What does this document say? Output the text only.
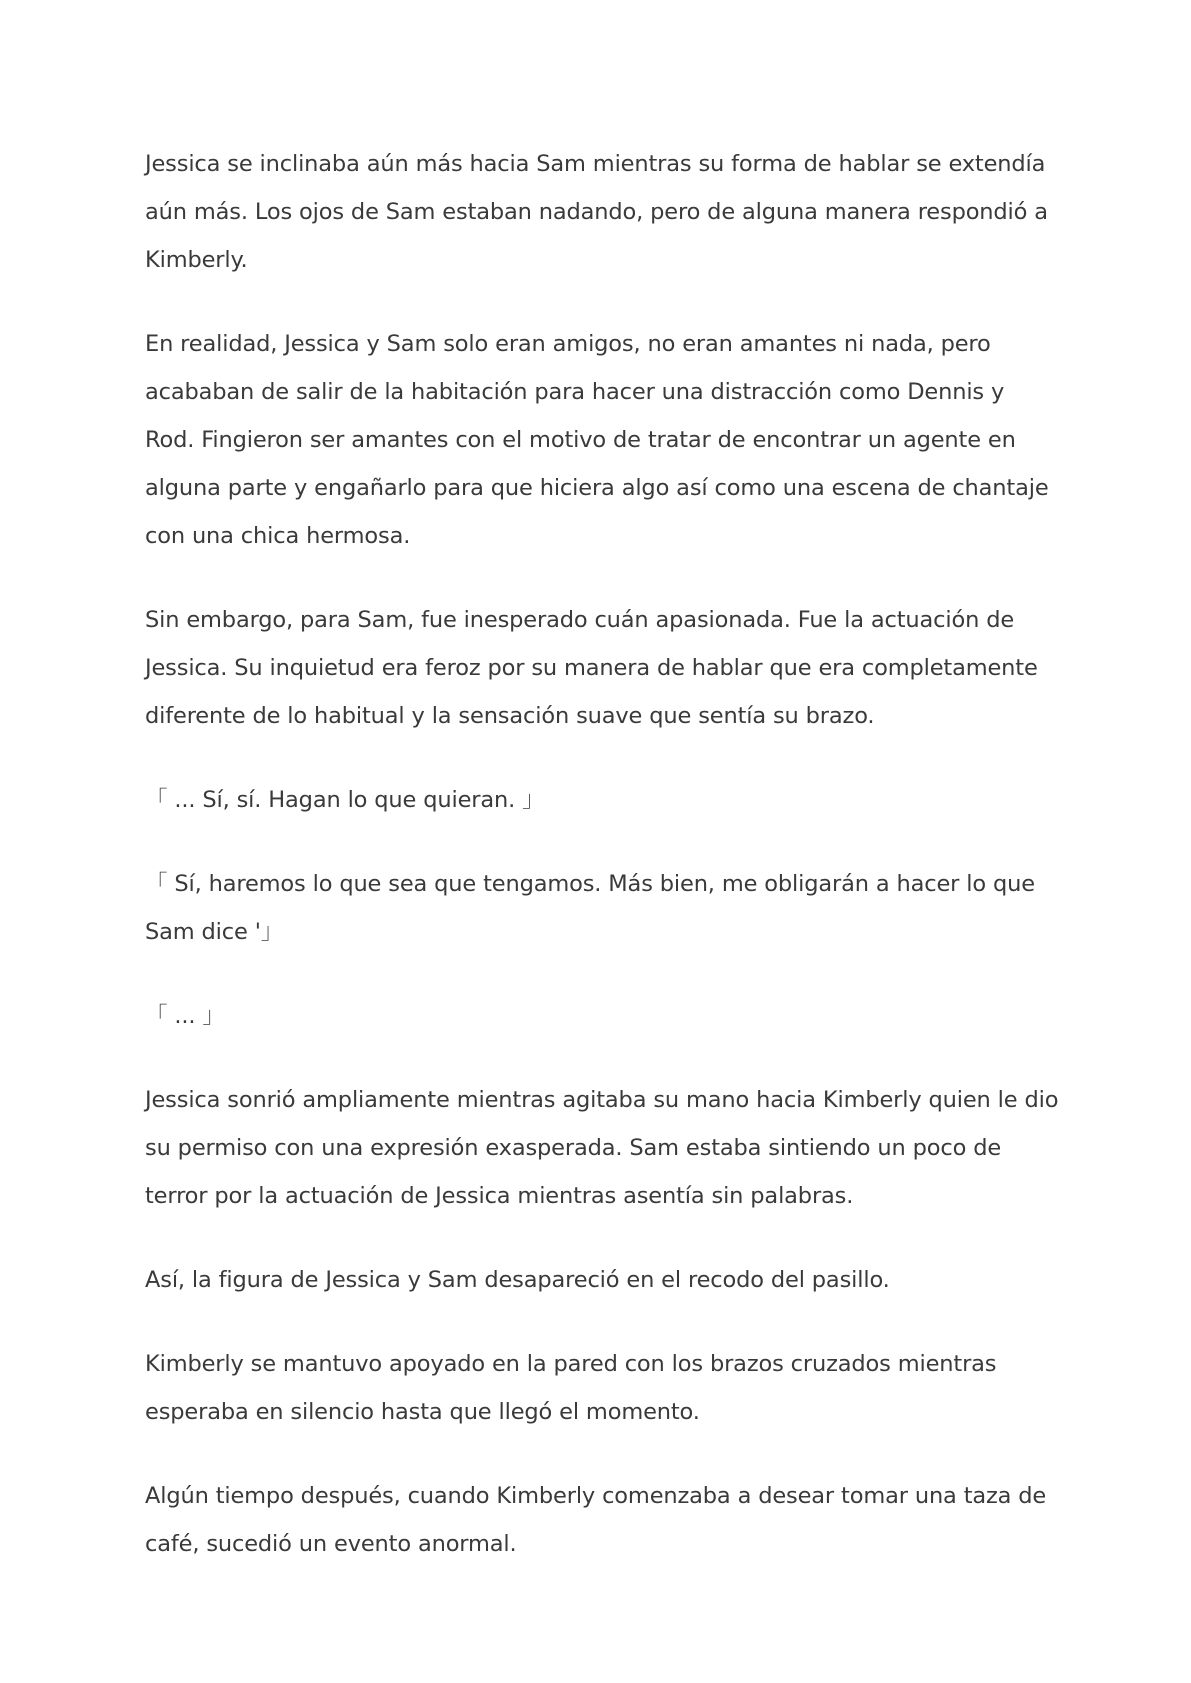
Jessica se inclinaba aún más hacia Sam mientras su forma de hablar se extendía aún más. Los ojos de Sam estaban nadando, pero de alguna manera respondió a Kimberly.

En realidad, Jessica y Sam solo eran amigos, no eran amantes ni nada, pero acababan de salir de la habitación para hacer una distracción como Dennis y Rod. Fingieron ser amantes con el motivo de tratar de encontrar un agente en alguna parte y engañarlo para que hiciera algo así como una escena de chantaje con una chica hermosa.

Sin embargo, para Sam, fue inesperado cuán apasionada. Fue la actuación de Jessica. Su inquietud era feroz por su manera de hablar que era completamente diferente de lo habitual y la sensación suave que sentía su brazo.

「 ... Sí, sí. Hagan lo que quieran. 」

「 Sí, haremos lo que sea que tengamos. Más bien, me obligarán a hacer lo que Sam dice '」

「 ... 」

Jessica sonrió ampliamente mientras agitaba su mano hacia Kimberly quien le dio su permiso con una expresión exasperada. Sam estaba sintiendo un poco de terror por la actuación de Jessica mientras asentía sin palabras.

Así, la figura de Jessica y Sam desapareció en el recodo del pasillo.

Kimberly se mantuvo apoyado en la pared con los brazos cruzados mientras esperaba en silencio hasta que llegó el momento.

Algún tiempo después, cuando Kimberly comenzaba a desear tomar una taza de café, sucedió un evento anormal.
